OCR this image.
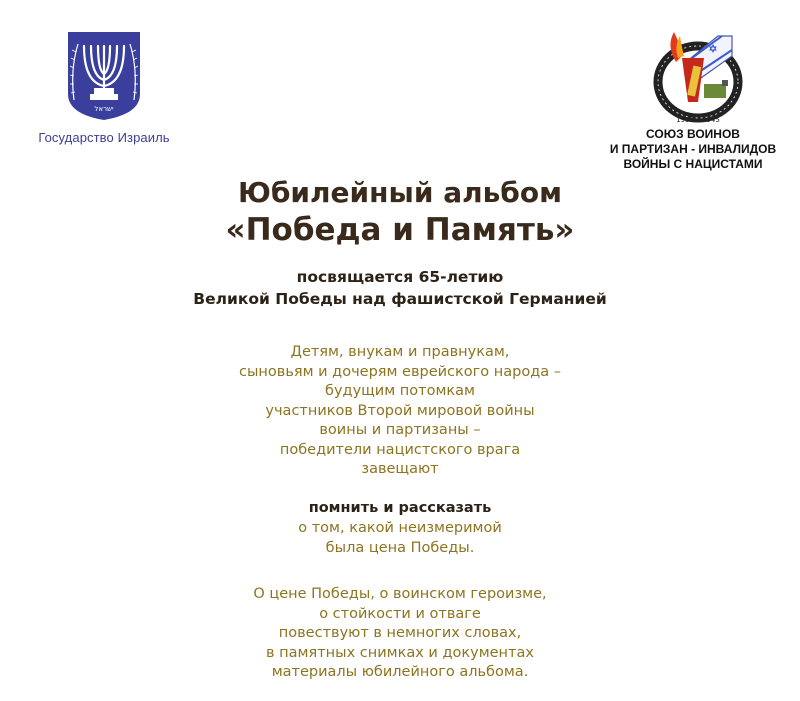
ישראל
Государство Израиль
1939 – 1945
СОЮЗ ВОИНОВ
И ПАРТИЗАН - ИНВАЛИДОВ
ВОЙНЫ С НАЦИСТАМИ
Юбилейный альбом
«Победа и Память»
посвящается 65-летию
Великой Победы над фашистской Германией
Детям, внукам и правнукам,
сыновьям и дочерям еврейского народа –
будущим потомкам
участников Второй мировой войны
воины и партизаны –
победители нацистского врага
завещают
помнить и рассказать
о том, какой неизмеримой
была цена Победы.
О цене Победы, о воинском героизме,
о стойкости и отваге
повествуют в немногих словах,
в памятных снимках и документах
материалы юбилейного альбома.
